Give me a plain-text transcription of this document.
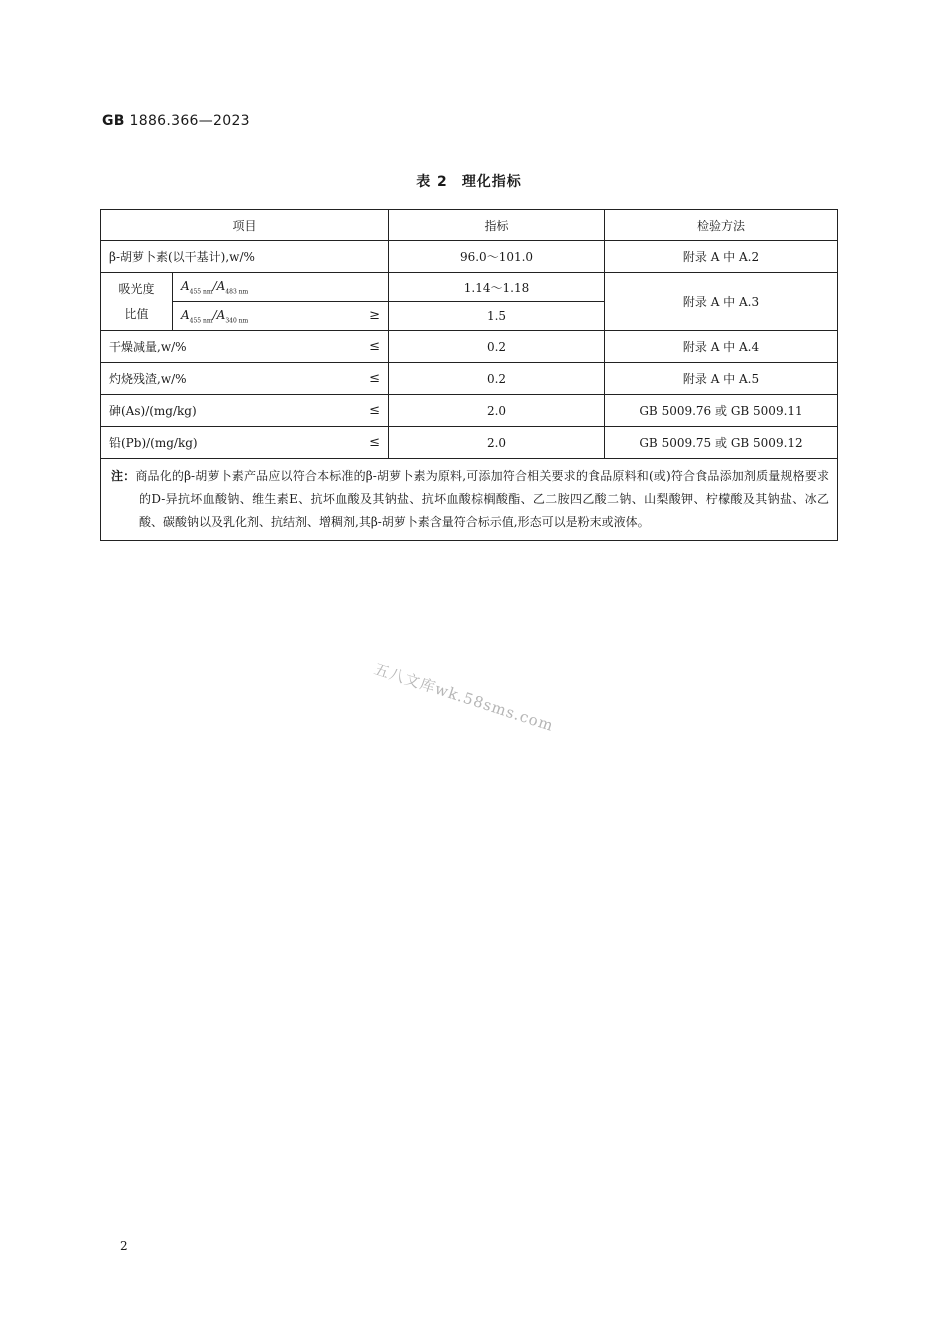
GB 1886.366—2023
表 2 理化指标
项目		指标	检验方法
β-胡萝卜素(以干基计),w/%		96.0～101.0	附录 A 中 A.2

吸光度
比值	$A_{455 nm}/A_{483 nm}$	1.14～1.18	附录 A 中 A.3

	$A_{455 nm}/A_{340 nm}$ ≥	1.5	

干燥减量,w/% ≤		0.2	附录 A 中 A.4

灼烧残渣,w/% ≤		0.2	附录 A 中 A.5

砷(As)/(mg/kg) ≤		2.0	GB 5009.76 或 GB 5009.11

铅(Pb)/(mg/kg) ≤		2.0	GB 5009.75 或 GB 5009.12
注：商品化的β-胡萝卜素产品应以符合本标准的β-胡萝卜素为原料,可添加符合相关要求的食品原料和(或)符合食品添加剂质量规格要求的D-异抗坏血酸钠、维生素E、抗坏血酸及其钠盐、抗坏血酸棕榈酸酯、乙二胺四乙酸二钠、山梨酸钾、柠檬酸及其钠盐、冰乙酸、碳酸钠以及乳化剂、抗结剂、增稠剂,其β-胡萝卜素含量符合标示值,形态可以是粉末或液体。			
五八文库wk.58sms.com
2
